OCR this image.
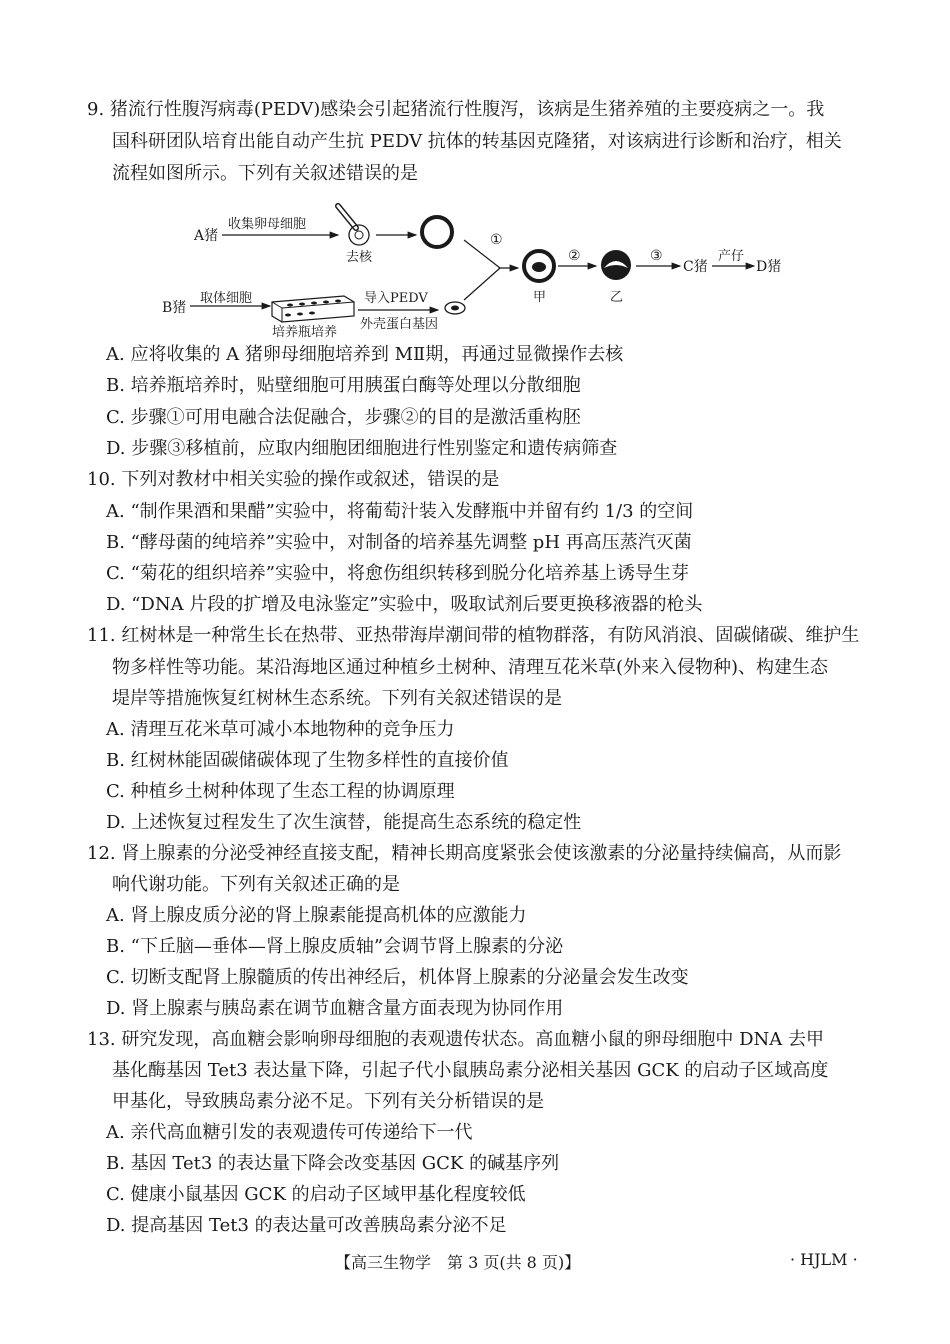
9. 猪流行性腹泻病毒(PEDV)感染会引起猪流行性腹泻，该病是生猪养殖的主要疫病之一。我
国科研团队培育出能自动产生抗 PEDV 抗体的转基因克隆猪，对该病进行诊断和治疗，相关
流程如图所示。下列有关叙述错误的是
A猪
收集卵母细胞
去核
①
甲
②
乙
③
C猪
产仔
D猪
B猪
取体细胞
培养瓶培养
导入PEDV
外壳蛋白基因
A. 应将收集的 A 猪卵母细胞培养到 MⅡ期，再通过显微操作去核
B. 培养瓶培养时，贴壁细胞可用胰蛋白酶等处理以分散细胞
C. 步骤①可用电融合法促融合，步骤②的目的是激活重构胚
D. 步骤③移植前，应取内细胞团细胞进行性别鉴定和遗传病筛查
10. 下列对教材中相关实验的操作或叙述，错误的是
A. “制作果酒和果醋”实验中，将葡萄汁装入发酵瓶中并留有约 1/3 的空间
B. “酵母菌的纯培养”实验中，对制备的培养基先调整 pH 再高压蒸汽灭菌
C. “菊花的组织培养”实验中，将愈伤组织转移到脱分化培养基上诱导生芽
D. “DNA 片段的扩增及电泳鉴定”实验中，吸取试剂后要更换移液器的枪头
11. 红树林是一种常生长在热带、亚热带海岸潮间带的植物群落，有防风消浪、固碳储碳、维护生
物多样性等功能。某沿海地区通过种植乡土树种、清理互花米草(外来入侵物种)、构建生态
堤岸等措施恢复红树林生态系统。下列有关叙述错误的是
A. 清理互花米草可减小本地物种的竞争压力
B. 红树林能固碳储碳体现了生物多样性的直接价值
C. 种植乡土树种体现了生态工程的协调原理
D. 上述恢复过程发生了次生演替，能提高生态系统的稳定性
12. 肾上腺素的分泌受神经直接支配，精神长期高度紧张会使该激素的分泌量持续偏高，从而影
响代谢功能。下列有关叙述正确的是
A. 肾上腺皮质分泌的肾上腺素能提高机体的应激能力
B. “下丘脑—垂体—肾上腺皮质轴”会调节肾上腺素的分泌
C. 切断支配肾上腺髓质的传出神经后，机体肾上腺素的分泌量会发生改变
D. 肾上腺素与胰岛素在调节血糖含量方面表现为协同作用
13. 研究发现，高血糖会影响卵母细胞的表观遗传状态。高血糖小鼠的卵母细胞中 DNA 去甲
基化酶基因 Tet3 表达量下降，引起子代小鼠胰岛素分泌相关基因 GCK 的启动子区域高度
甲基化，导致胰岛素分泌不足。下列有关分析错误的是
A. 亲代高血糖引发的表观遗传可传递给下一代
B. 基因 Tet3 的表达量下降会改变基因 GCK 的碱基序列
C. 健康小鼠基因 GCK 的启动子区域甲基化程度较低
D. 提高基因 Tet3 的表达量可改善胰岛素分泌不足
【高三生物学　第 3 页(共 8 页)】	· HJLM ·
